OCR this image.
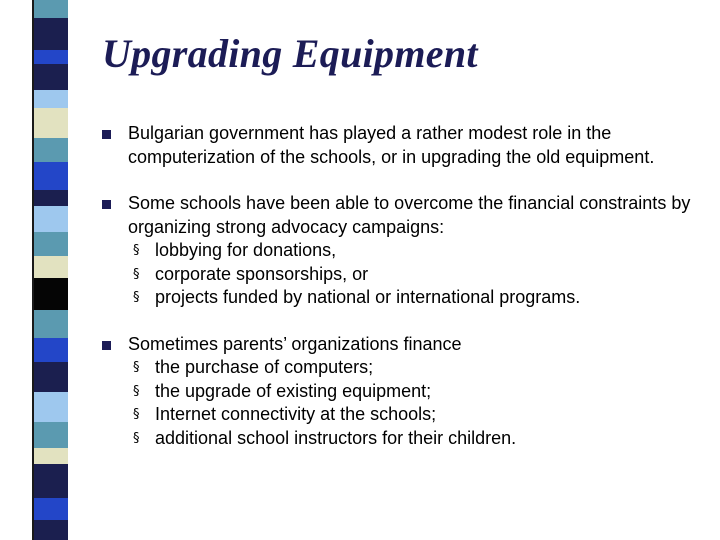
Upgrading Equipment
Bulgarian government has played a rather modest role in the computerization of the schools, or in upgrading the old equipment.
Some schools have been able to overcome the financial constraints by organizing strong advocacy campaigns:
§ lobbying for donations,
§ corporate sponsorships, or
§ projects funded by national or international programs.
Sometimes parents’ organizations finance
§ the purchase of computers;
§ the upgrade of existing equipment;
§ Internet connectivity at the schools;
§ additional school instructors for their children.
